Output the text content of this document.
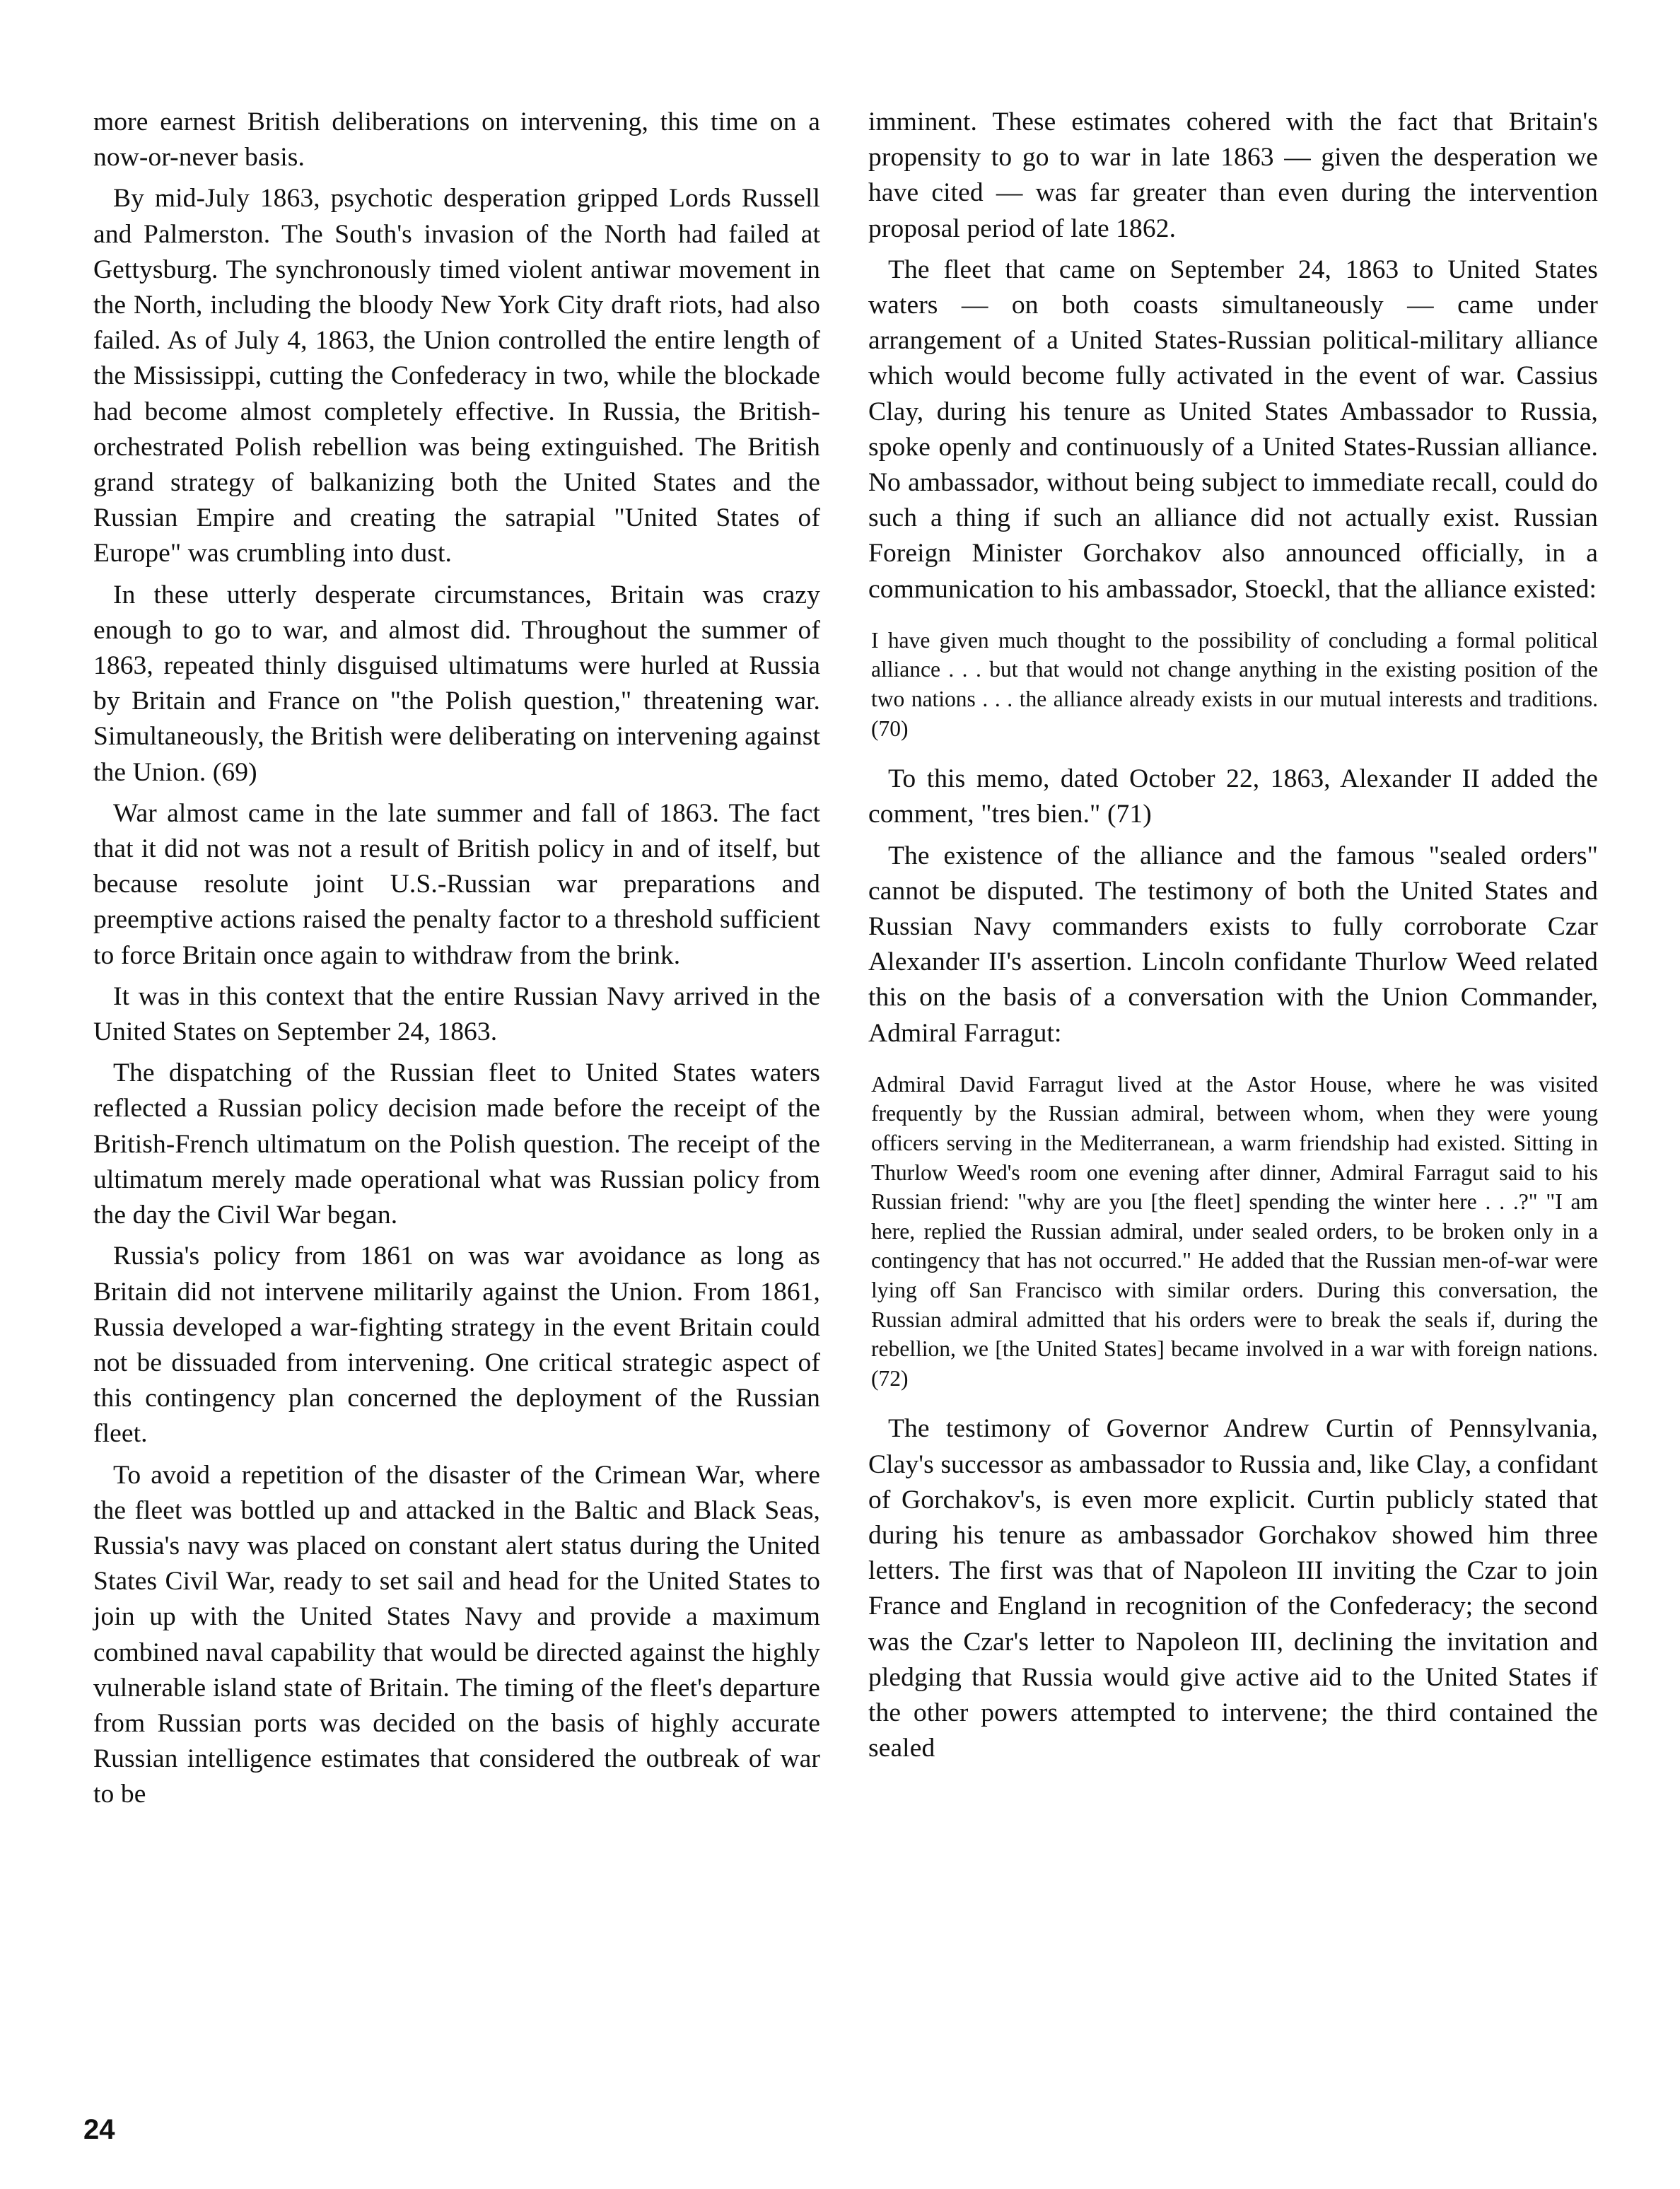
more earnest British deliberations on intervening, this time on a now-or-never basis.

By mid-July 1863, psychotic desperation gripped Lords Russell and Palmerston. The South's invasion of the North had failed at Gettysburg. The synchronously timed violent antiwar movement in the North, including the bloody New York City draft riots, had also failed. As of July 4, 1863, the Union controlled the entire length of the Mississippi, cutting the Confederacy in two, while the blockade had become almost completely effective. In Russia, the British-orchestrated Polish rebellion was being extinguished. The British grand strategy of balkanizing both the United States and the Russian Empire and creating the satrapial "United States of Europe" was crumbling into dust.

In these utterly desperate circumstances, Britain was crazy enough to go to war, and almost did. Throughout the summer of 1863, repeated thinly disguised ultimatums were hurled at Russia by Britain and France on "the Polish question," threatening war. Simultaneously, the British were deliberating on intervening against the Union. (69)

War almost came in the late summer and fall of 1863. The fact that it did not was not a result of British policy in and of itself, but because resolute joint U.S.-Russian war preparations and preemptive actions raised the penalty factor to a threshold sufficient to force Britain once again to withdraw from the brink.

It was in this context that the entire Russian Navy arrived in the United States on September 24, 1863.

The dispatching of the Russian fleet to United States waters reflected a Russian policy decision made before the receipt of the British-French ultimatum on the Polish question. The receipt of the ultimatum merely made operational what was Russian policy from the day the Civil War began.

Russia's policy from 1861 on was war avoidance as long as Britain did not intervene militarily against the Union. From 1861, Russia developed a war-fighting strategy in the event Britain could not be dissuaded from intervening. One critical strategic aspect of this contingency plan concerned the deployment of the Russian fleet.

To avoid a repetition of the disaster of the Crimean War, where the fleet was bottled up and attacked in the Baltic and Black Seas, Russia's navy was placed on constant alert status during the United States Civil War, ready to set sail and head for the United States to join up with the United States Navy and provide a maximum combined naval capability that would be directed against the highly vulnerable island state of Britain. The timing of the fleet's departure from Russian ports was decided on the basis of highly accurate Russian intelligence estimates that considered the outbreak of war to be

imminent. These estimates cohered with the fact that Britain's propensity to go to war in late 1863 — given the desperation we have cited — was far greater than even during the intervention proposal period of late 1862.

The fleet that came on September 24, 1863 to United States waters — on both coasts simultaneously — came under arrangement of a United States-Russian political-military alliance which would become fully activated in the event of war. Cassius Clay, during his tenure as United States Ambassador to Russia, spoke openly and continuously of a United States-Russian alliance. No ambassador, without being subject to immediate recall, could do such a thing if such an alliance did not actually exist. Russian Foreign Minister Gorchakov also announced officially, in a communication to his ambassador, Stoeckl, that the alliance existed:

I have given much thought to the possibility of concluding a formal political alliance . . . but that would not change anything in the existing position of the two nations . . . the alliance already exists in our mutual interests and traditions. (70)

To this memo, dated October 22, 1863, Alexander II added the comment, "tres bien." (71)

The existence of the alliance and the famous "sealed orders" cannot be disputed. The testimony of both the United States and Russian Navy commanders exists to fully corroborate Czar Alexander II's assertion. Lincoln confidante Thurlow Weed related this on the basis of a conversation with the Union Commander, Admiral Farragut:

Admiral David Farragut lived at the Astor House, where he was visited frequently by the Russian admiral, between whom, when they were young officers serving in the Mediterranean, a warm friendship had existed. Sitting in Thurlow Weed's room one evening after dinner, Admiral Farragut said to his Russian friend: "why are you [the fleet] spending the winter here . . .?" "I am here, replied the Russian admiral, under sealed orders, to be broken only in a contingency that has not occurred." He added that the Russian men-of-war were lying off San Francisco with similar orders. During this conversation, the Russian admiral admitted that his orders were to break the seals if, during the rebellion, we [the United States] became involved in a war with foreign nations. (72)

The testimony of Governor Andrew Curtin of Pennsylvania, Clay's successor as ambassador to Russia and, like Clay, a confidant of Gorchakov's, is even more explicit. Curtin publicly stated that during his tenure as ambassador Gorchakov showed him three letters. The first was that of Napoleon III inviting the Czar to join France and England in recognition of the Confederacy; the second was the Czar's letter to Napoleon III, declining the invitation and pledging that Russia would give active aid to the United States if the other powers attempted to intervene; the third contained the sealed

24
